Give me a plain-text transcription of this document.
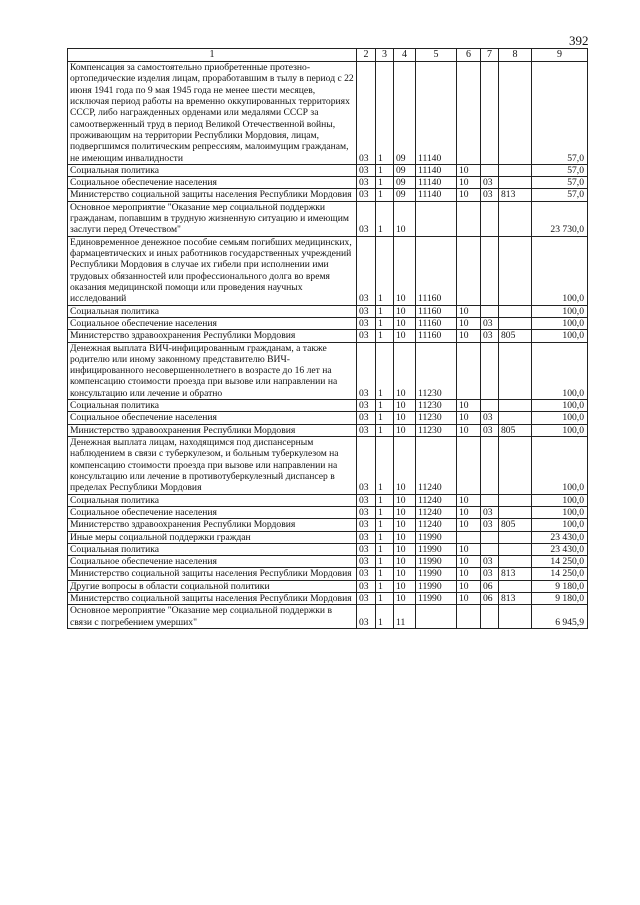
392
1	2	3	4	5	6	7	8	9
Компенсация за самостоятельно приобретенные протезно-ортопедические изделия лицам, проработавшим в тылу в период с 22 июня 1941 года по 9 мая 1945 года не менее шести месяцев, исключая период работы на временно оккупированных территориях СССР, либо награжденных орденами или медалями СССР за самоотверженный труд в период Великой Отечественной войны, проживающим на территории Республики Мордовия, лицам, подвергшимся политическим репрессиям, малоимущим гражданам, не имеющим инвалидности	03	1	09	11140				57,0
Социальная политика	03	1	09	11140	10			57,0
Социальное обеспечение населения	03	1	09	11140	10	03		57,0
Министерство социальной защиты населения Республики Мордовия	03	1	09	11140	10	03	813	57,0
Основное мероприятие "Оказание мер социальной поддержки гражданам, попавшим в трудную жизненную ситуацию и имеющим заслуги перед Отечеством"	03	1	10					23 730,0
Единовременное денежное пособие семьям погибших медицинских, фармацевтических и иных работников государственных учреждений Республики Мордовия в случае их гибели при исполнении ими трудовых обязанностей или профессионального долга во время оказания медицинской помощи или проведения научных исследований	03	1	10	11160				100,0
Социальная политика	03	1	10	11160	10			100,0
Социальное обеспечение населения	03	1	10	11160	10	03		100,0
Министерство здравоохранения Республики Мордовия	03	1	10	11160	10	03	805	100,0
Денежная выплата ВИЧ-инфицированным гражданам, а также родителю или иному законному представителю ВИЧ-инфицированного несовершеннолетнего в возрасте до 16 лет на компенсацию стоимости проезда при вызове или направлении на консультацию или лечение и обратно	03	1	10	11230				100,0
Социальная политика	03	1	10	11230	10			100,0
Социальное обеспечение населения	03	1	10	11230	10	03		100,0
Министерство здравоохранения Республики Мордовия	03	1	10	11230	10	03	805	100,0
Денежная выплата лицам, находящимся под диспансерным наблюдением в связи с туберкулезом, и больным туберкулезом на компенсацию стоимости проезда при вызове или направлении на консультацию или лечение в противотуберкулезный диспансер в пределах Республики Мордовия	03	1	10	11240				100,0
Социальная политика	03	1	10	11240	10			100,0
Социальное обеспечение населения	03	1	10	11240	10	03		100,0
Министерство здравоохранения Республики Мордовия	03	1	10	11240	10	03	805	100,0
Иные меры социальной поддержки граждан	03	1	10	11990				23 430,0
Социальная политика	03	1	10	11990	10			23 430,0
Социальное обеспечение населения	03	1	10	11990	10	03		14 250,0
Министерство социальной защиты населения Республики Мордовия	03	1	10	11990	10	03	813	14 250,0
Другие вопросы в области социальной политики	03	1	10	11990	10	06		9 180,0
Министерство социальной защиты населения Республики Мордовия	03	1	10	11990	10	06	813	9 180,0
Основное мероприятие "Оказание мер социальной поддержки в связи с погребением умерших"	03	1	11					6 945,9
